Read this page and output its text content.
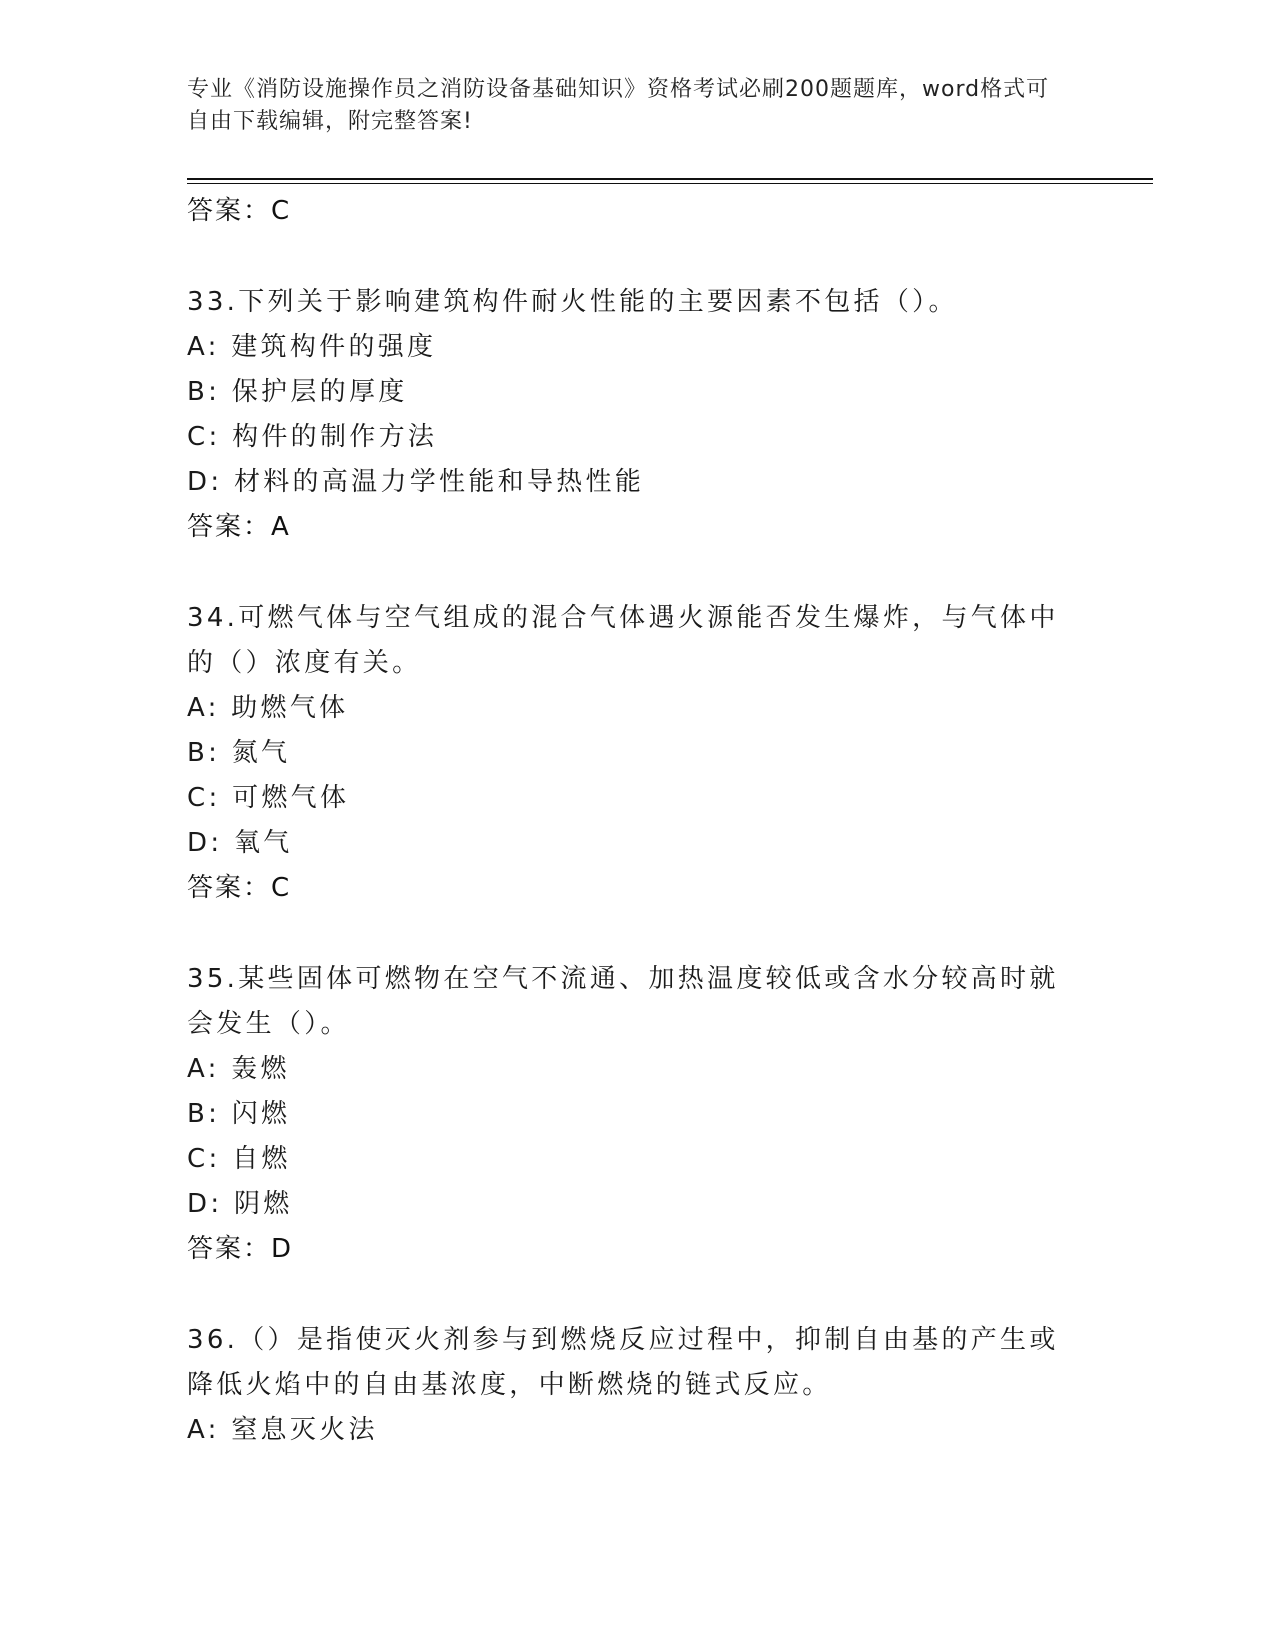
专业《消防设施操作员之消防设备基础知识》资格考试必刷200题题库，word格式可自由下载编辑，附完整答案!
答案：C
33.下列关于影响建筑构件耐火性能的主要因素不包括（）。
A: 建筑构件的强度
B: 保护层的厚度
C: 构件的制作方法
D: 材料的高温力学性能和导热性能
答案：A
34.可燃气体与空气组成的混合气体遇火源能否发生爆炸，与气体中的（）浓度有关。
A: 助燃气体
B: 氮气
C: 可燃气体
D: 氧气
答案：C
35.某些固体可燃物在空气不流通、加热温度较低或含水分较高时就会发生（）。
A: 轰燃
B: 闪燃
C: 自燃
D: 阴燃
答案：D
36.（）是指使灭火剂参与到燃烧反应过程中，抑制自由基的产生或降低火焰中的自由基浓度，中断燃烧的链式反应。
A: 窒息灭火法
